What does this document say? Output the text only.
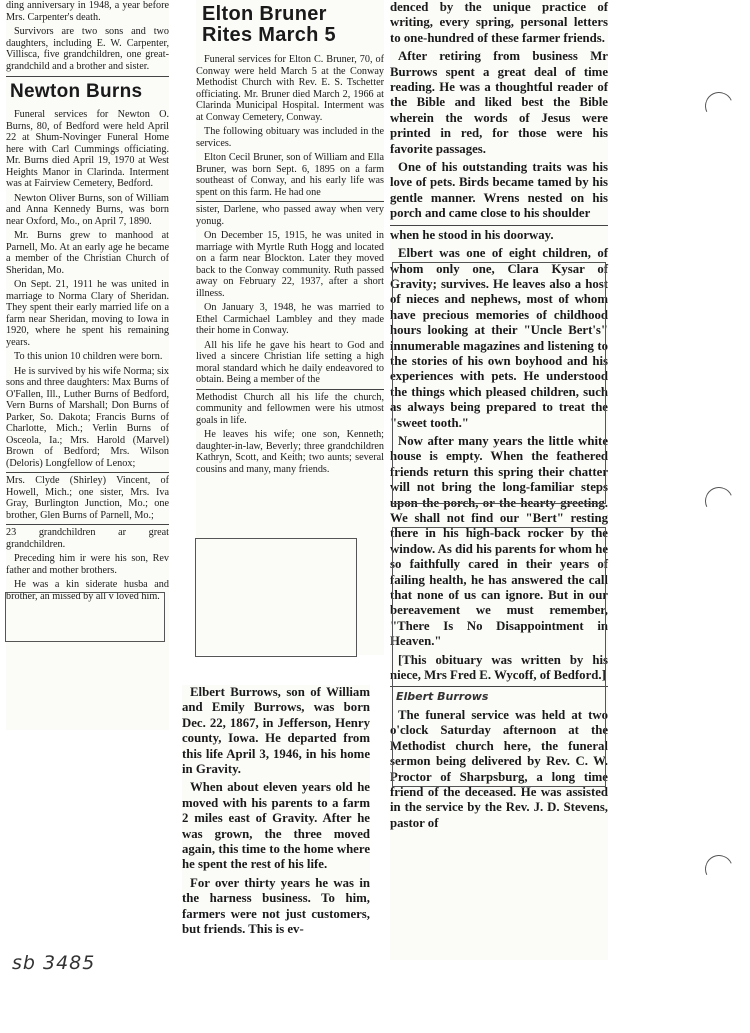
ding anniversary in 1948, a year before Mrs. Carpenter's death.

Survivors are two sons and two daughters, including E. W. Carpenter, Villisca, five grandchildren, one great-grandchild and a brother and sister.

Newton Burns

Funeral services for Newton O. Burns, 80, of Bedford were held April 22 at Shum-Novinger Funeral Home here with Carl Cummings officiating. Mr. Burns died April 19, 1970 at West Heights Manor in Clarinda. Interment was at Fairview Cemetery, Bedford.

Newton Oliver Burns, son of William and Anna Kennedy Burns, was born near Oxford, Mo., on April 7, 1890.

Mr. Burns grew to manhood at Parnell, Mo. At an early age he became a member of the Christian Church of Sheridan, Mo.

On Sept. 21, 1911 he was united in marriage to Norma Clary of Sheridan. They spent their early married life on a farm near Sheridan, moving to Iowa in 1920, where he spent his remaining years.

To this union 10 children were born.

He is survived by his wife Norma; six sons and three daughters: Max Burns of O'Fallen, Ill., Luther Burns of Bedford, Vern Burns of Marshall; Don Burns of Parker, So. Dakota; Francis Burns of Charlotte, Mich.; Verlin Burns of Osceola, Ia.; Mrs. Harold (Marvel) Brown of Bedford; Mrs. Wilson (Deloris) Longfellow of Lenox;

Mrs. Clyde (Shirley) Vincent, of Howell, Mich.; one sister, Mrs. Iva Gray, Burlington Junction, Mo.; one brother, Glen Burns of Parnell, Mo.;

23 grandchildren ar great grandchildren.

Preceding him ir were his son, Rev father and mother brothers.

He was a kin siderate husba and brother, an missed by all v loved him.

Elton Bruner
Rites March 5

Funeral services for Elton C. Bruner, 70, of Conway were held March 5 at the Conway Methodist Church with Rev. E. S. Tschetter officiating. Mr. Bruner died March 2, 1966 at Clarinda Municipal Hospital. Interment was at Conway Cemetery, Conway.

The following obituary was included in the services.

Elton Cecil Bruner, son of William and Ella Bruner, was born Sept. 6, 1895 on a farm southeast of Conway, and his early life was spent on this farm. He had one

sister, Darlene, who passed away when very yonug.

On December 15, 1915, he was united in marriage with Myrtle Ruth Hogg and located on a farm near Blockton. Later they moved back to the Conway community. Ruth passed away on February 22, 1937, after a short illness.

On January 3, 1948, he was married to Ethel Carmichael Lambley and they made their home in Conway.

All his life he gave his heart to God and lived a sincere Christian life setting a high moral standard which he daily endeavored to obtain. Being a member of the

Methodist Church all his life the church, community and fellowmen were his utmost goals in life.

He leaves his wife; one son, Kenneth; daughter-in-law, Beverly; three grandchildren Kathryn, Scott, and Keith; two aunts; several cousins and many, many friends.

Elbert Burrows, son of William and Emily Burrows, was born Dec. 22, 1867, in Jefferson, Henry county, Iowa. He departed from this life April 3, 1946, in his home in Gravity.

When about eleven years old he moved with his parents to a farm 2 miles east of Gravity. After he was grown, the three moved again, this time to the home where he spent the rest of his life.

For over thirty years he was in the harness business. To him, farmers were not just customers, but friends. This is ev-

denced by the unique practice of writing, every spring, personal letters to one-hundred of these farmer friends.

After retiring from business Mr Burrows spent a great deal of time reading. He was a thoughtful reader of the Bible and liked best the Bible wherein the words of Jesus were printed in red, for those were his favorite passages.

One of his outstanding traits was his love of pets. Birds became tamed by his gentle manner. Wrens nested on his porch and came close to his shoulder

when he stood in his doorway.

Elbert was one of eight children, of whom only one, Clara Kysar of Gravity; survives. He leaves also a host of nieces and nephews, most of whom have precious memories of childhood hours looking at their "Uncle Bert's" innumerable magazines and listening to the stories of his own boyhood and his experiences with pets. He understood the things which pleased children, such as always being prepared to treat the "sweet tooth."

Now after many years the little white house is empty. When the feathered friends return this spring their chatter will not bring the long-familiar steps upon the porch, or the hearty greeting. We shall not find our "Bert" resting there in his high-back rocker by the window. As did his parents for whom he so faithfully cared in their years of failing health, he has answered the call that none of us can ignore. But in our bereavement we must remember, "There Is No Disappointment in Heaven."

[This obituary was written by his niece, Mrs Fred E. Wycoff, of Bedford.]

Elbert Burrows

The funeral service was held at two o'clock Saturday afternoon at the Methodist church here, the funeral sermon being delivered by Rev. C. W. Proctor of Sharpsburg, a long time friend of the deceased. He was assisted in the service by the Rev. J. D. Stevens, pastor of

sb 3485
